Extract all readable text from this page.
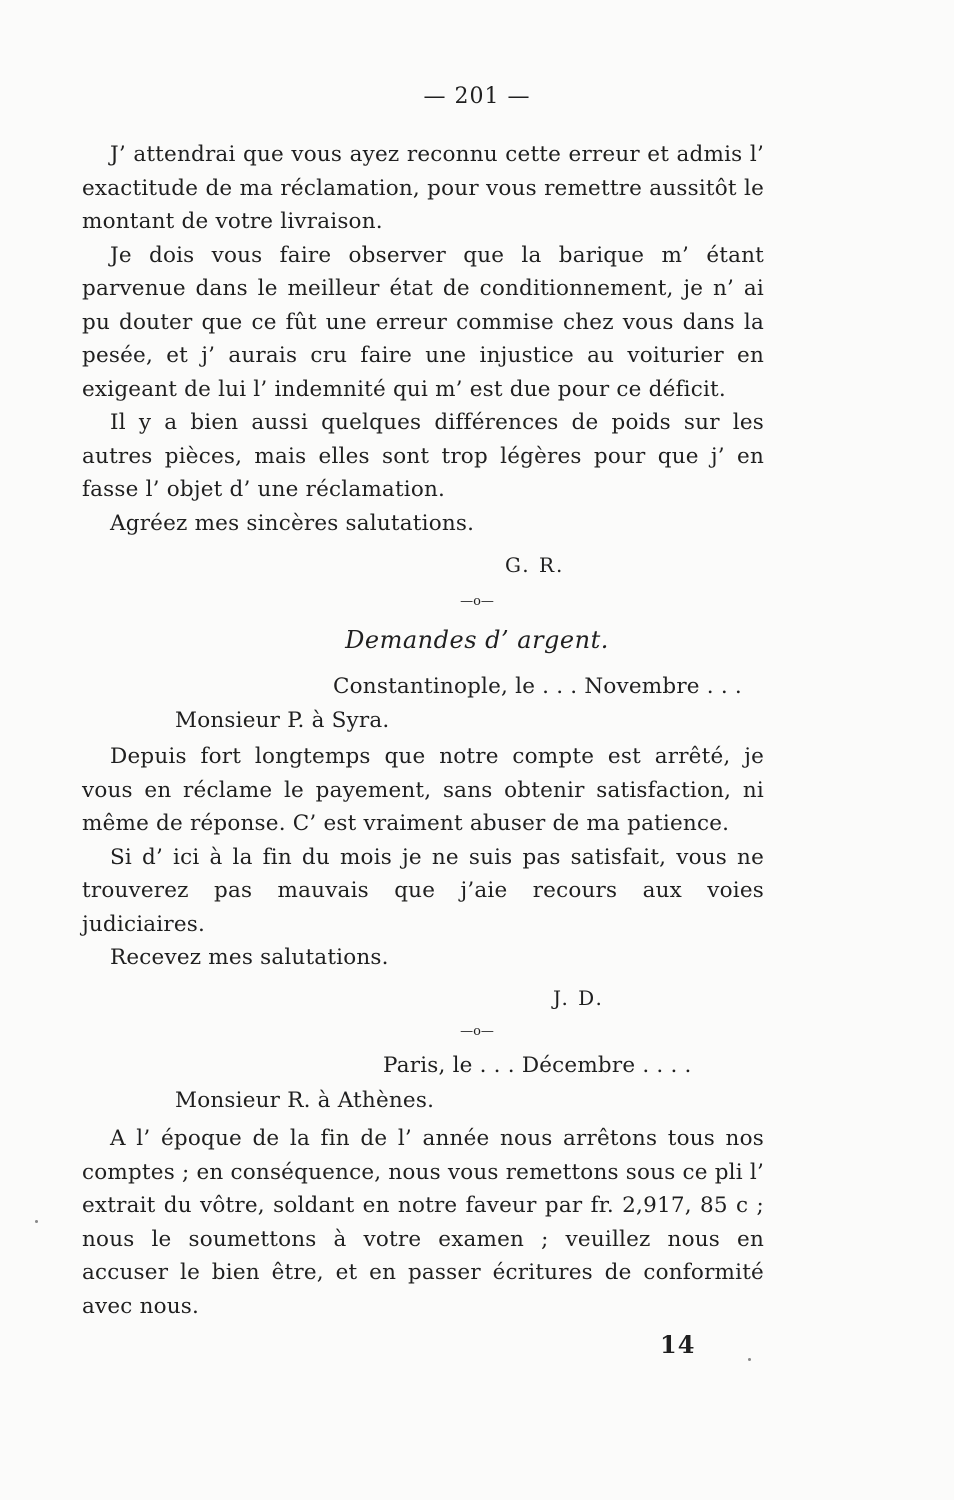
— 201 —
J’ attendrai que vous ayez reconnu cette erreur et admis l’ exactitude de ma réclamation, pour vous remettre aussitôt le montant de votre livraison.
Je dois vous faire observer que la barique m’ étant parvenue dans le meilleur état de conditionnement, je n’ ai pu douter que ce fût une erreur commise chez vous dans la pesée, et j’ aurais cru faire une injustice au voiturier en exigeant de lui l’ indemnité qui m’ est due pour ce déficit.
Il y a bien aussi quelques différences de poids sur les autres pièces, mais elles sont trop légères pour que j’ en fasse l’ objet d’ une réclamation.
Agréez mes sincères salutations.
G. R.
—o—
Demandes d’ argent.
Constantinople, le . . . Novembre . . .
Monsieur P. à Syra.
Depuis fort longtemps que notre compte est arrêté, je vous en réclame le payement, sans obtenir satisfaction, ni même de réponse. C’ est vraiment abuser de ma patience.
Si d’ ici à la fin du mois je ne suis pas satisfait, vous ne trouverez pas mauvais que j’aie recours aux voies judiciaires.
Recevez mes salutations.
J. D.
—o—
Paris, le . . . Décembre . . . .
Monsieur R. à Athènes.
A l’ époque de la fin de l’ année nous arrêtons tous nos comptes ; en conséquence, nous vous remettons sous ce pli l’ extrait du vôtre, soldant en notre faveur par fr. 2,917, 85 c ; nous le soumettons à votre examen ; veuillez nous en accuser le bien être, et en passer écritures de conformité avec nous.
14
